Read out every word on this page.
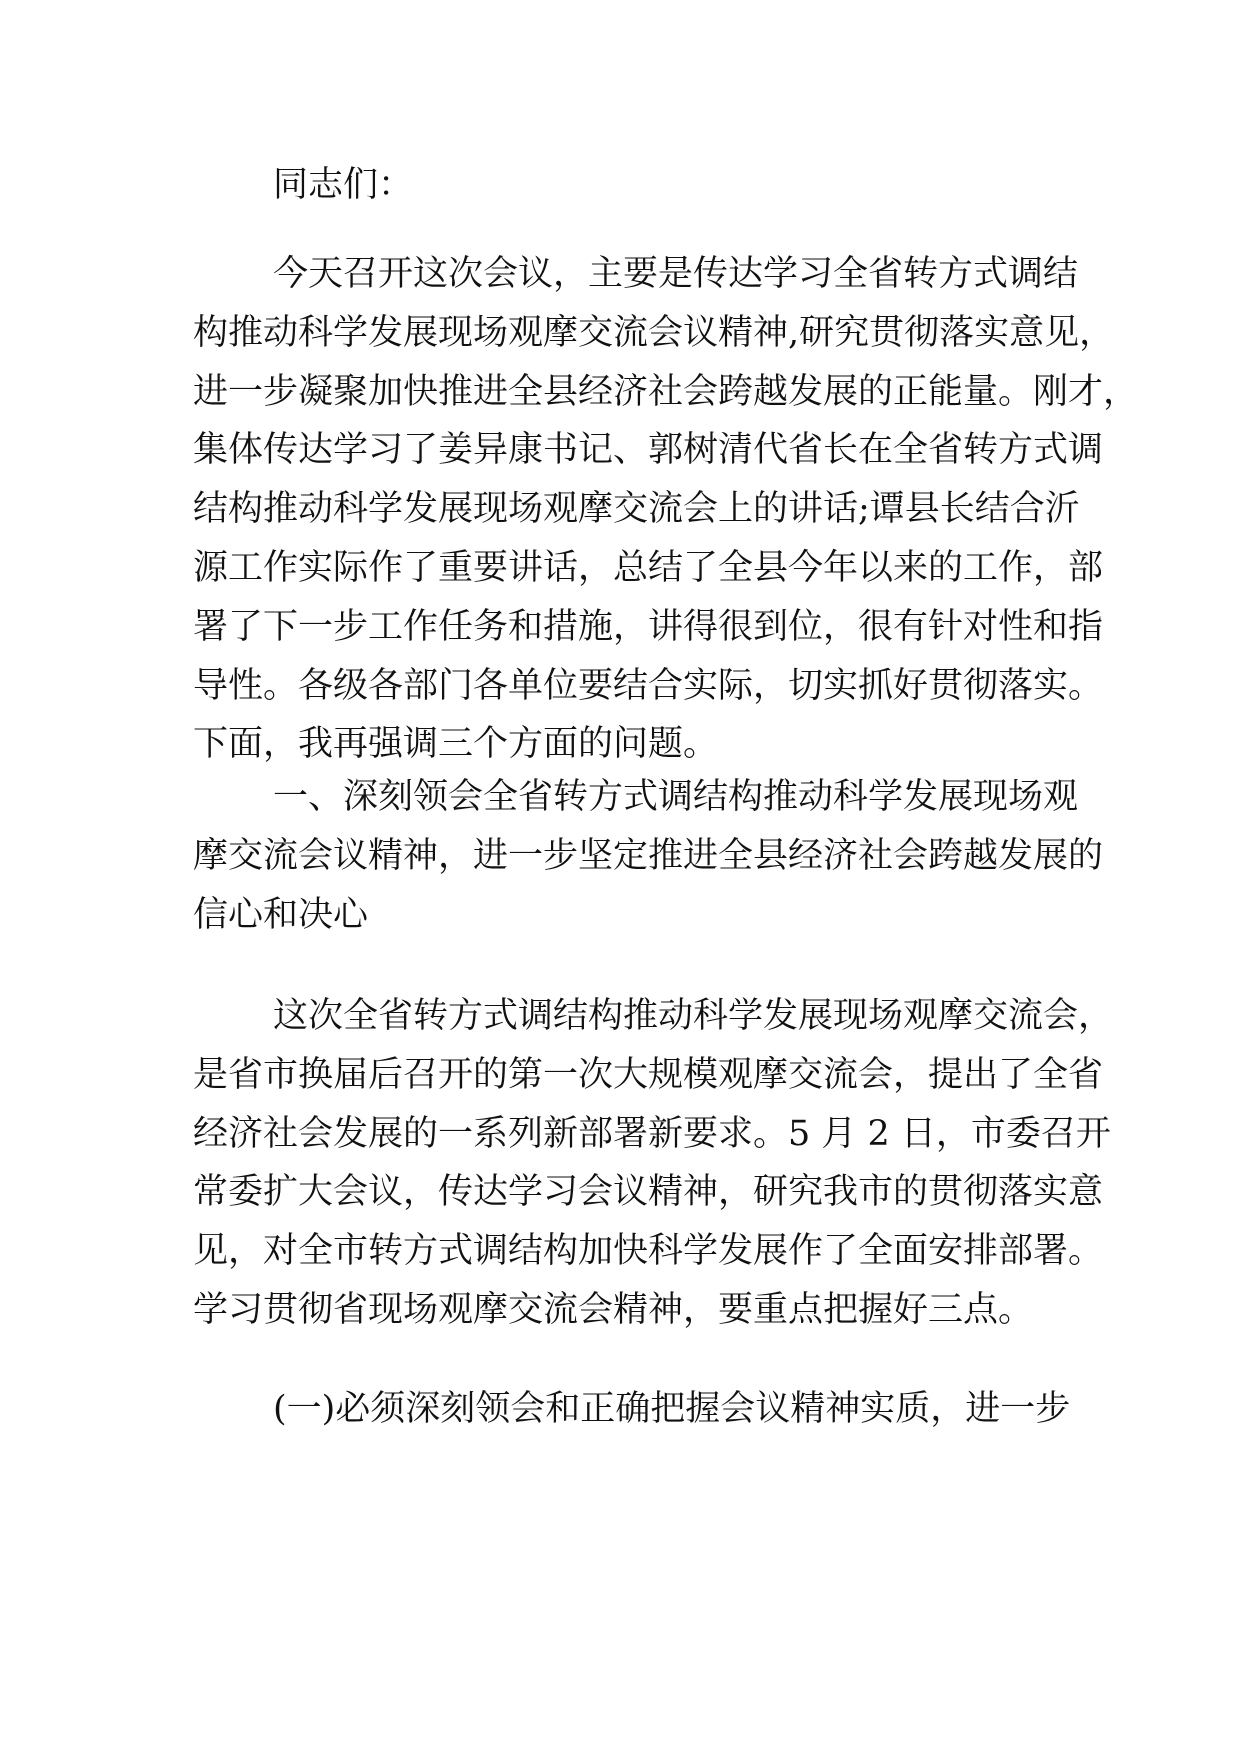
同志们：

今天召开这次会议，主要是传达学习全省转方式调结
构推动科学发展现场观摩交流会议精神,研究贯彻落实意见，
进一步凝聚加快推进全县经济社会跨越发展的正能量。刚才，
集体传达学习了姜异康书记、郭树清代省长在全省转方式调
结构推动科学发展现场观摩交流会上的讲话;谭县长结合沂
源工作实际作了重要讲话，总结了全县今年以来的工作，部
署了下一步工作任务和措施，讲得很到位，很有针对性和指
导性。各级各部门各单位要结合实际，切实抓好贯彻落实。
下面，我再强调三个方面的问题。

一、深刻领会全省转方式调结构推动科学发展现场观
摩交流会议精神，进一步坚定推进全县经济社会跨越发展的
信心和决心

这次全省转方式调结构推动科学发展现场观摩交流会，
是省市换届后召开的第一次大规模观摩交流会，提出了全省
经济社会发展的一系列新部署新要求。5 月 2 日，市委召开
常委扩大会议，传达学习会议精神，研究我市的贯彻落实意
见，对全市转方式调结构加快科学发展作了全面安排部署。
学习贯彻省现场观摩交流会精神，要重点把握好三点。

(一)必须深刻领会和正确把握会议精神实质，进一步
